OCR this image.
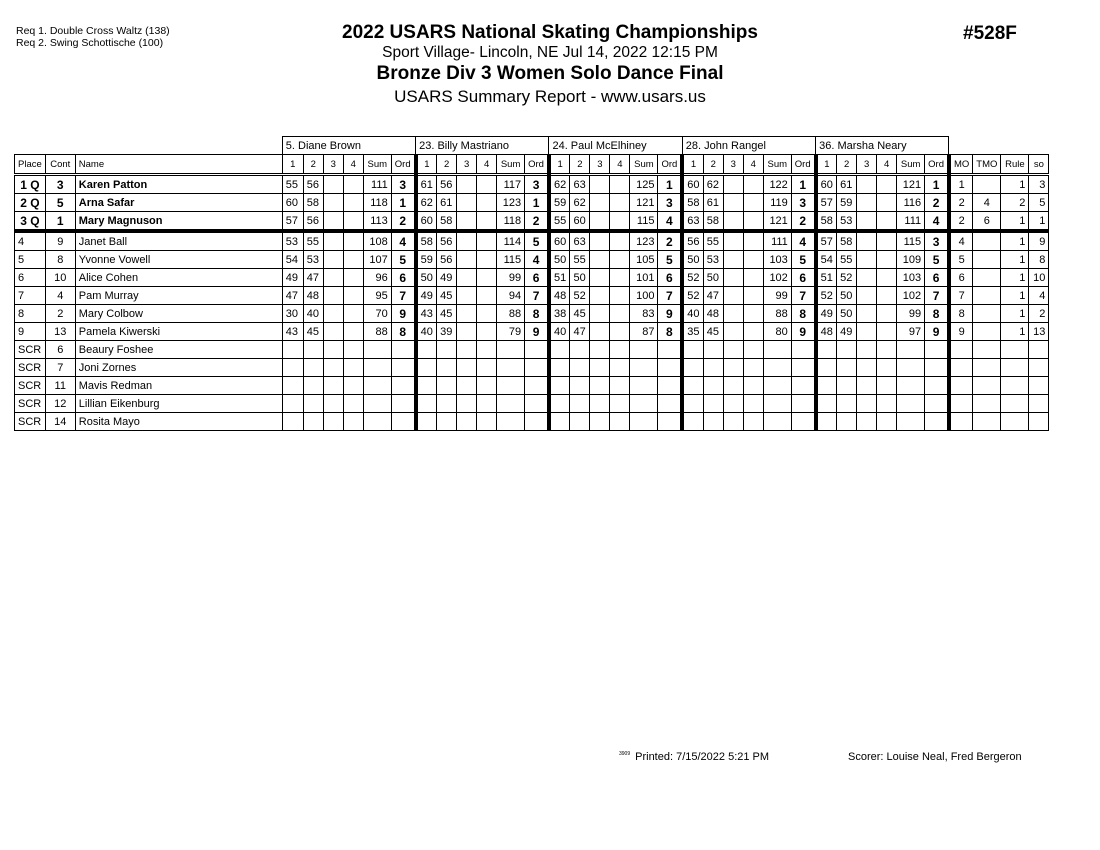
Req 1. Double Cross Waltz (138)
Req 2. Swing Schottische (100)	2022 USARS National Skating Championships
Sport Village- Lincoln, NE Jul 14, 2022 12:15 PM
Bronze Div 3 Women Solo Dance Final
USARS Summary Report - www.usars.us
#528F
			5. Diane Brown						23. Billy Mastriano						24. Paul McElhiney						28. John Rangel						36. Marsha Neary									
Place	Cont	Name	1	2	3	4	Sum	Ord	1	2	3	4	Sum	Ord	1	2	3	4	Sum	Ord	1	2	3	4	Sum	Ord	1	2	3	4	Sum	Ord	MO	TMO	Rule	so
1 Q	3	Karen Patton	55	56			111	3	61	56			117	3	62	63			125	1	60	62			122	1	60	61			121	1	1		1	3
2 Q	5	Arna Safar	60	58			118	1	62	61			123	1	59	62			121	3	58	61			119	3	57	59			116	2	2	4	2	5
3 Q	1	Mary Magnuson	57	56			113	2	60	58			118	2	55	60			115	4	63	58			121	2	58	53			111	4	2	6	1	1
4	9	Janet Ball	53	55			108	4	58	56			114	5	60	63			123	2	56	55			111	4	57	58			115	3	4		1	9
5	8	Yvonne Vowell	54	53			107	5	59	56			115	4	50	55			105	5	50	53			103	5	54	55			109	5	5		1	8
6	10	Alice Cohen	49	47			96	6	50	49			99	6	51	50			101	6	52	50			102	6	51	52			103	6	6		1	10
7	4	Pam Murray	47	48			95	7	49	45			94	7	48	52			100	7	52	47			99	7	52	50			102	7	7		1	4
8	2	Mary Colbow	30	40			70	9	43	45			88	8	38	45			83	9	40	48			88	8	49	50			99	8	8		1	2
9	13	Pamela Kiwerski	43	45			88	8	40	39			79	9	40	47			87	8	35	45			80	9	48	49			97	9	9		1	13
SCR	6	Beaury Foshee																																		
SCR	7	Joni Zornes																																		
SCR	11	Mavis Redman																																		
SCR	12	Lillian Eikenburg																																		
SCR	14	Rosita Mayo																																		
$^{3909}$ Printed: 7/15/2022 5:21 PM	Scorer: Louise Neal, Fred Bergeron
